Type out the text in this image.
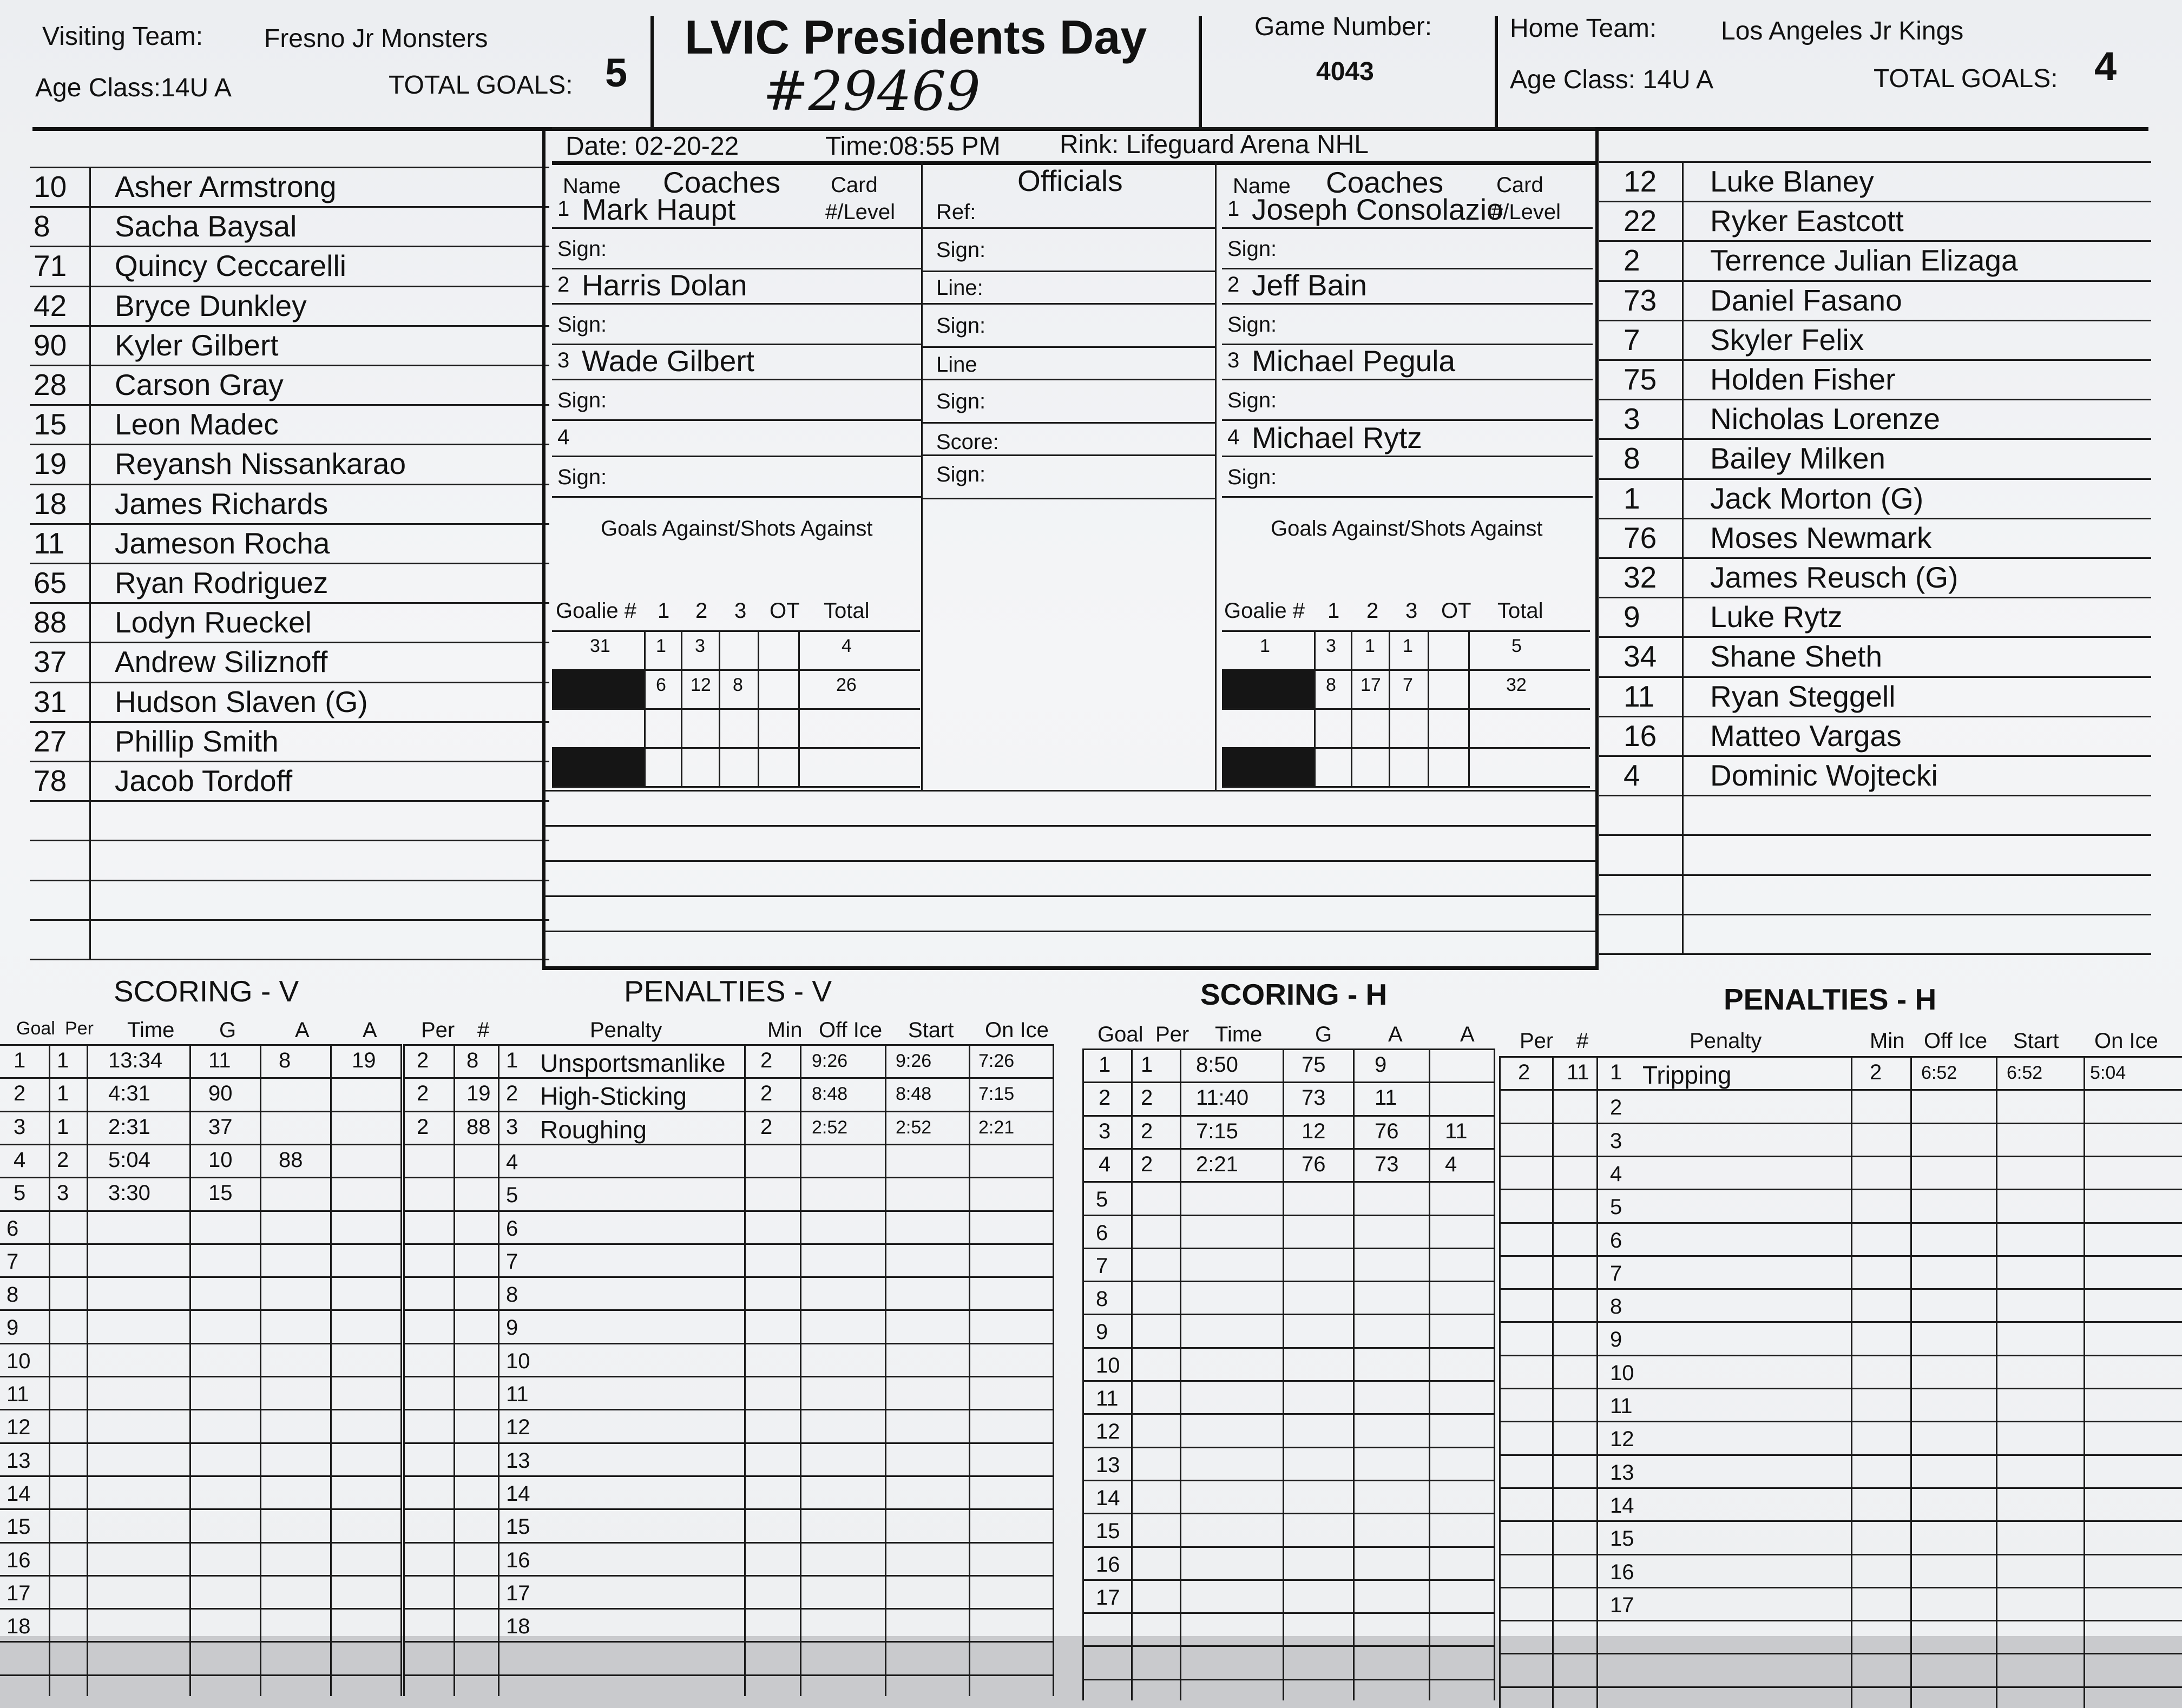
Visiting Team: Fresno Jr Monsters
Age Class:14U A	TOTAL GOALS: 5
LVIC Presidents Day
#29469
Game Number:
4043
Home Team: Los Angeles Jr Kings
Age Class: 14U A	TOTAL GOALS: 4
10 Asher Armstrong
8 Sacha Baysal
71 Quincy Ceccarelli
42 Bryce Dunkley
90 Kyler Gilbert
28 Carson Gray
15 Leon Madec
19 Reyansh Nissankarao
18 James Richards
11 Jameson Rocha
65 Ryan Rodriguez
88 Lodyn Rueckel
37 Andrew Siliznoff
31 Hudson Slaven (G)
27 Phillip Smith
78 Jacob Tordoff
12 Luke Blaney
22 Ryker Eastcott
2 Terrence Julian Elizaga
73 Daniel Fasano
7 Skyler Felix
75 Holden Fisher
3 Nicholas Lorenze
8 Bailey Milken
1 Jack Morton (G)
76 Moses Newmark
32 James Reusch (G)
9 Luke Rytz
34 Shane Sheth
11 Ryan Steggell
16 Matteo Vargas
4 Dominic Wojtecki
Date: 02-20-22	Time:08:55 PM Rink: Lifeguard Arena NHL
Name Coaches Card
#/Level
1 Mark Haupt
Sign:
2 Harris Dolan
Sign:
3 Wade Gilbert
Sign:
4
Sign:
Name Coaches Card
#/Level
1 Joseph Consolazio
Sign:
2 Jeff Bain
Sign:
3 Michael Pegula
Sign:
4 Michael Rytz
Sign:
Officials
Ref:
Sign:
Line:
Sign:
Line
Sign:
Score:
Sign:
Goals Against/Shots Against
Goalie # 1 2 3 OT Total
31 1 3	4
6 12 8	26
Goals Against/Shots Against
Goalie # 1 2 3 OT Total
1	3 1 1	5
8 17 7	32
SCORING - V
Goal Per Time G	A A
1 1 13:34 11 8	19
2 1 4:31	90
3 1 2:31	37
4 2 5:04	10 88
5 3 3:30	15
6
7
8
9
10
11
12
13
14
15
16
17
18
PENALTIES - V
Per #	Penalty	Min Off Ice Start On Ice
2 8 1 Unsportsmanlike 2 9:26	9:26	7:26
2 19 2 High-Sticking	2 8:48	8:48	7:15
2 88 3 Roughing	2 2:52	2:52	2:21
4
5
6
7
8
9
10
11
12
13
14
15
16
17
18
SCORING - H
Goal Per Time G	A	A
1 1 8:50	75 9
2 2 11:40 73 11
3 2 7:15	12 76 11
4 2 2:21	76 73 4
5
6
7
8
9
10
11
12
13
14
15
16
17
PENALTIES - H
Per #	Penalty	Min Off Ice Start On Ice
2 11 1 Tripping	2 6:52	6:52	5:04
2
3
4
5
6
7
8
9
10
11
12
13
14
15
16
17
